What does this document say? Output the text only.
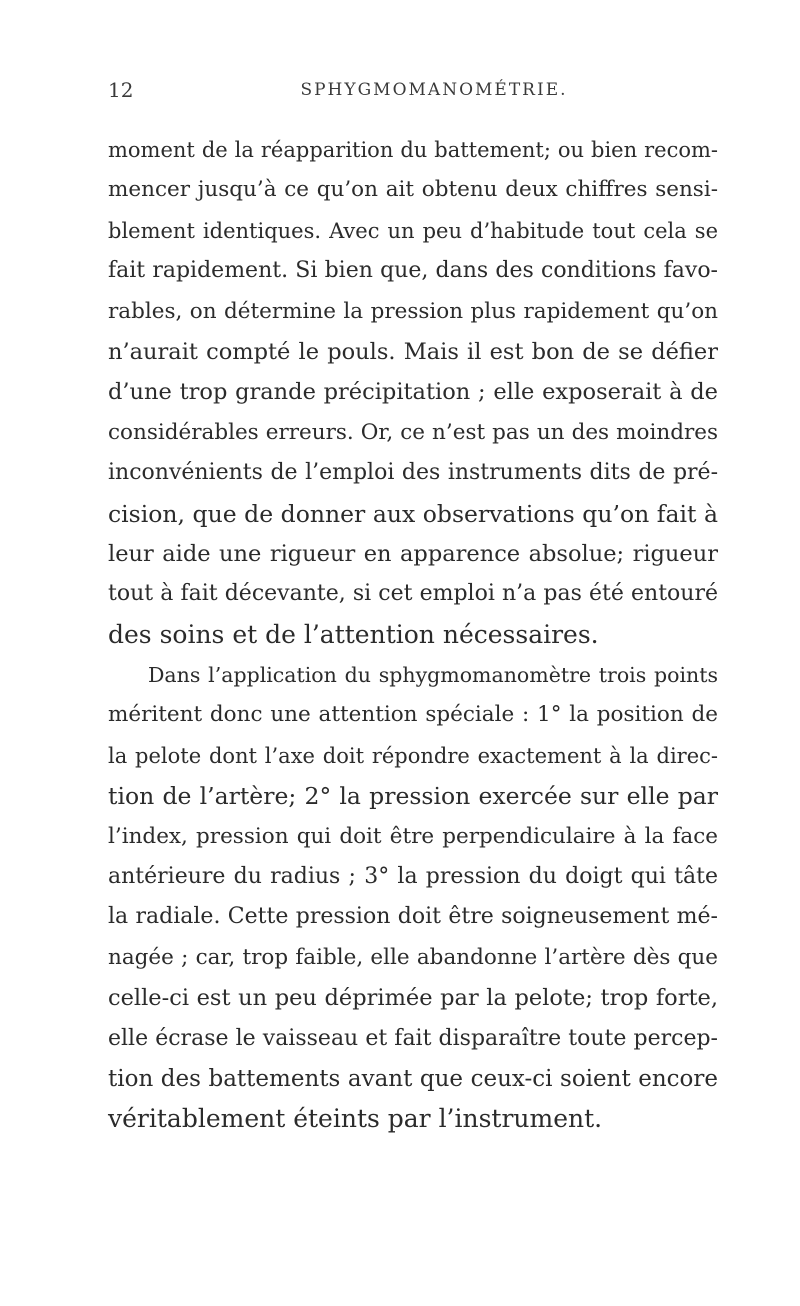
12	SPHYGMOMANOMÉTRIE.
moment de la réapparition du battement; ou bien recom-
mencer jusqu’à ce qu’on ait obtenu deux chiffres sensi-
blement identiques. Avec un peu d’habitude tout cela se
fait rapidement. Si bien que, dans des conditions favo-
rables, on détermine la pression plus rapidement qu’on
n’aurait compté le pouls. Mais il est bon de se défier
d’une trop grande précipitation ; elle exposerait à de
considérables erreurs. Or, ce n’est pas un des moindres
inconvénients de l’emploi des instruments dits de pré-
cision, que de donner aux observations qu’on fait à
leur aide une rigueur en apparence absolue; rigueur
tout à fait décevante, si cet emploi n’a pas été entouré
des soins et de l’attention nécessaires.
Dans l’application du sphygmomanomètre trois points
méritent donc une attention spéciale : 1° la position de
la pelote dont l’axe doit répondre exactement à la direc-
tion de l’artère; 2° la pression exercée sur elle par
l’index, pression qui doit être perpendiculaire à la face
antérieure du radius ; 3° la pression du doigt qui tâte
la radiale. Cette pression doit être soigneusement mé-
nagée ; car, trop faible, elle abandonne l’artère dès que
celle-ci est un peu déprimée par la pelote; trop forte,
elle écrase le vaisseau et fait disparaître toute percep-
tion des battements avant que ceux-ci soient encore
véritablement éteints par l’instrument.
